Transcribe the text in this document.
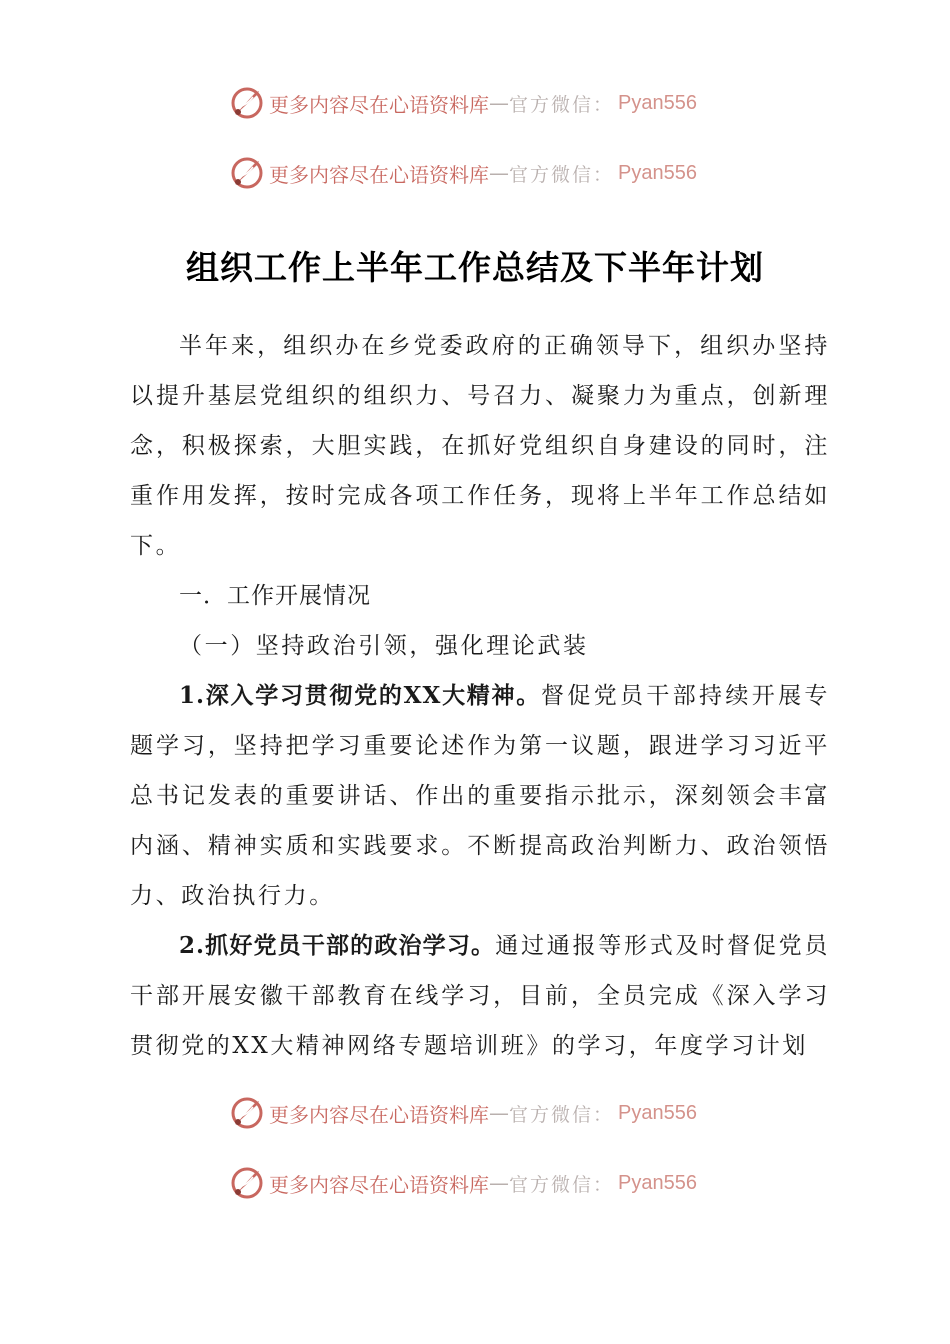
更多内容尽在心语资料库 — 官方微信： Pyan556
更多内容尽在心语资料库 — 官方微信： Pyan556
组织工作上半年工作总结及下半年计划

半年来，组织办在乡党委政府的正确领导下，组织办坚持以提升基层党组织的组织力、号召力、凝聚力为重点，创新理念，积极探索，大胆实践，在抓好党组织自身建设的同时，注重作用发挥，按时完成各项工作任务，现将上半年工作总结如下。

一．工作开展情况

（一）坚持政治引领，强化理论武装

1.深入学习贯彻党的XX大精神。督促党员干部持续开展专题学习，坚持把学习重要论述作为第一议题，跟进学习习近平总书记发表的重要讲话、作出的重要指示批示，深刻领会丰富内涵、精神实质和实践要求。不断提高政治判断力、政治领悟力、政治执行力。

2.抓好党员干部的政治学习。通过通报等形式及时督促党员干部开展安徽干部教育在线学习，目前，全员完成《深入学习贯彻党的XX大精神网络专题培训班》的学习，年度学习计划

更多内容尽在心语资料库 — 官方微信： Pyan556
更多内容尽在心语资料库 — 官方微信： Pyan556
